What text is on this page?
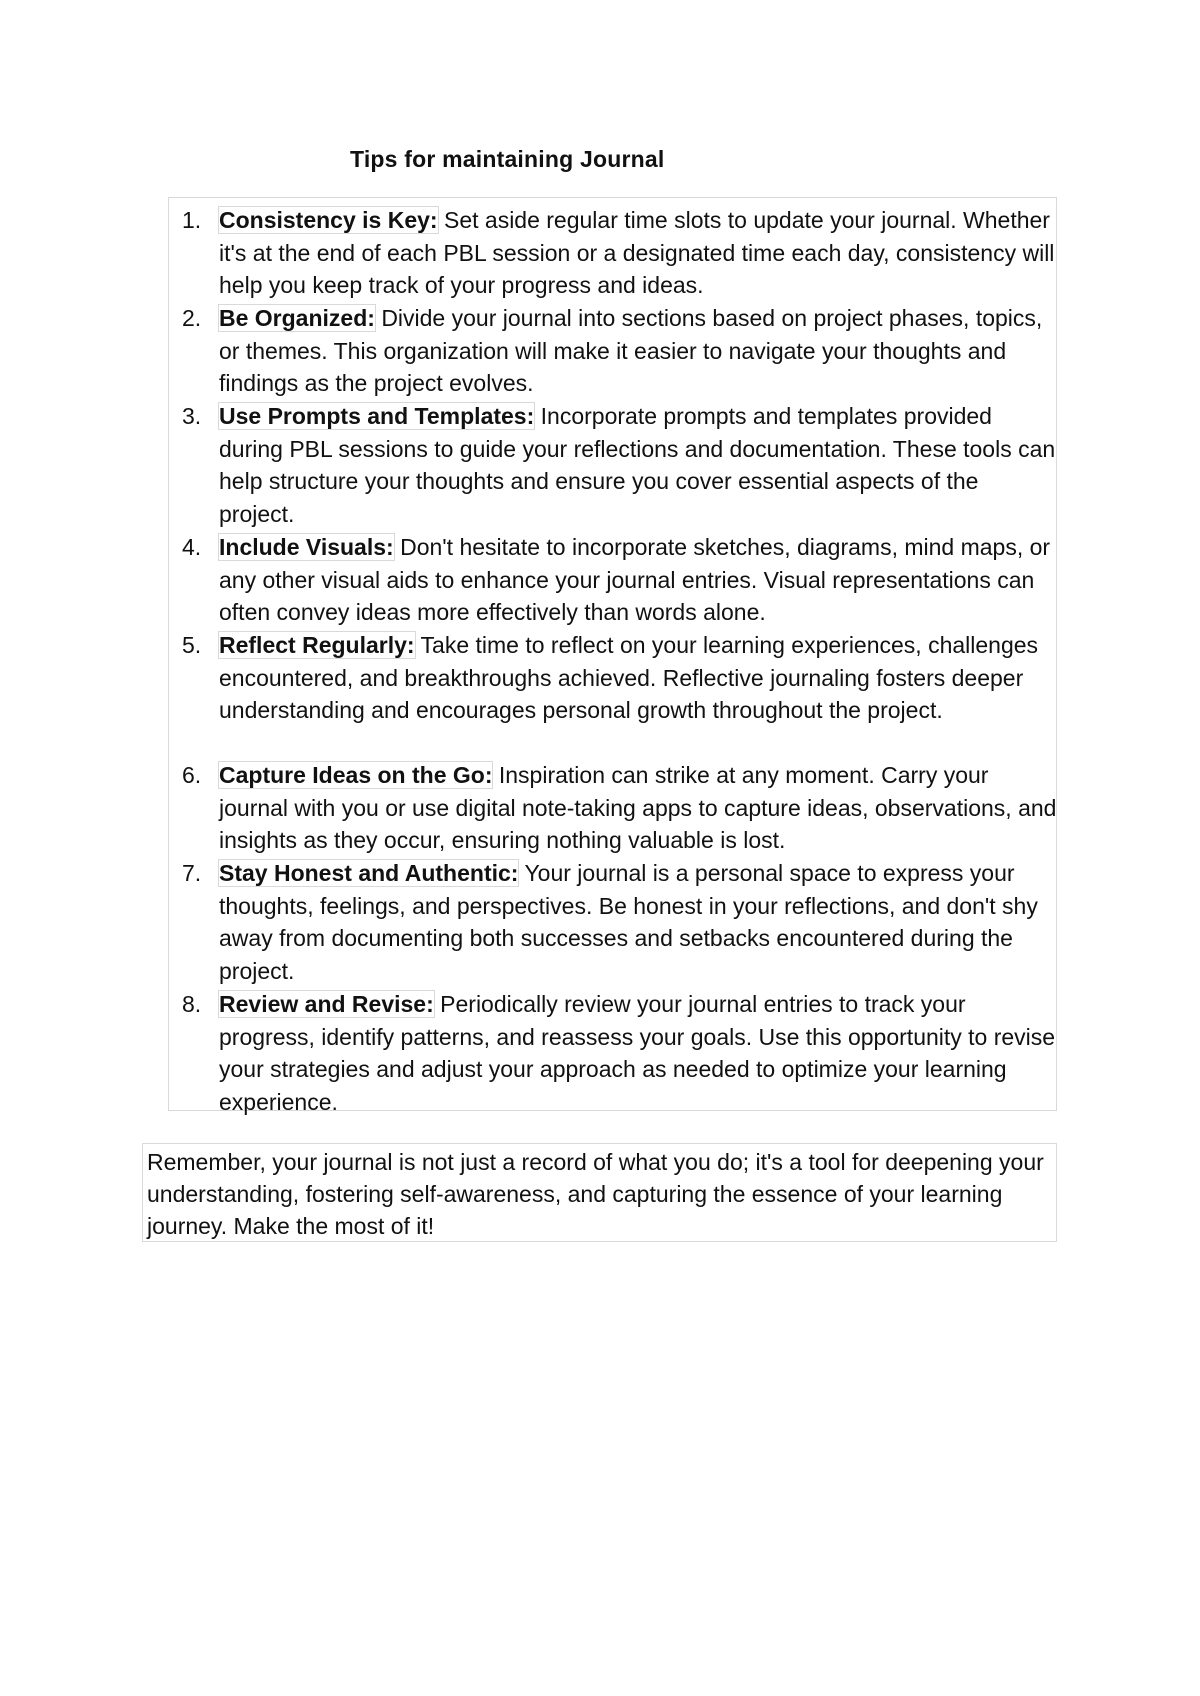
Tips for maintaining Journal
1. Consistency is Key: Set aside regular time slots to update your journal. Whether it's at the end of each PBL session or a designated time each day, consistency will help you keep track of your progress and ideas.
2. Be Organized: Divide your journal into sections based on project phases, topics, or themes. This organization will make it easier to navigate your thoughts and findings as the project evolves.
3. Use Prompts and Templates: Incorporate prompts and templates provided during PBL sessions to guide your reflections and documentation. These tools can help structure your thoughts and ensure you cover essential aspects of the project.
4. Include Visuals: Don't hesitate to incorporate sketches, diagrams, mind maps, or any other visual aids to enhance your journal entries. Visual representations can often convey ideas more effectively than words alone.
5. Reflect Regularly: Take time to reflect on your learning experiences, challenges encountered, and breakthroughs achieved. Reflective journaling fosters deeper understanding and encourages personal growth throughout the project.
6. Capture Ideas on the Go: Inspiration can strike at any moment. Carry your journal with you or use digital note-taking apps to capture ideas, observations, and insights as they occur, ensuring nothing valuable is lost.
7. Stay Honest and Authentic: Your journal is a personal space to express your thoughts, feelings, and perspectives. Be honest in your reflections, and don't shy away from documenting both successes and setbacks encountered during the project.
8. Review and Revise: Periodically review your journal entries to track your progress, identify patterns, and reassess your goals. Use this opportunity to revise your strategies and adjust your approach as needed to optimize your learning experience.
Remember, your journal is not just a record of what you do; it's a tool for deepening your understanding, fostering self-awareness, and capturing the essence of your learning journey. Make the most of it!
